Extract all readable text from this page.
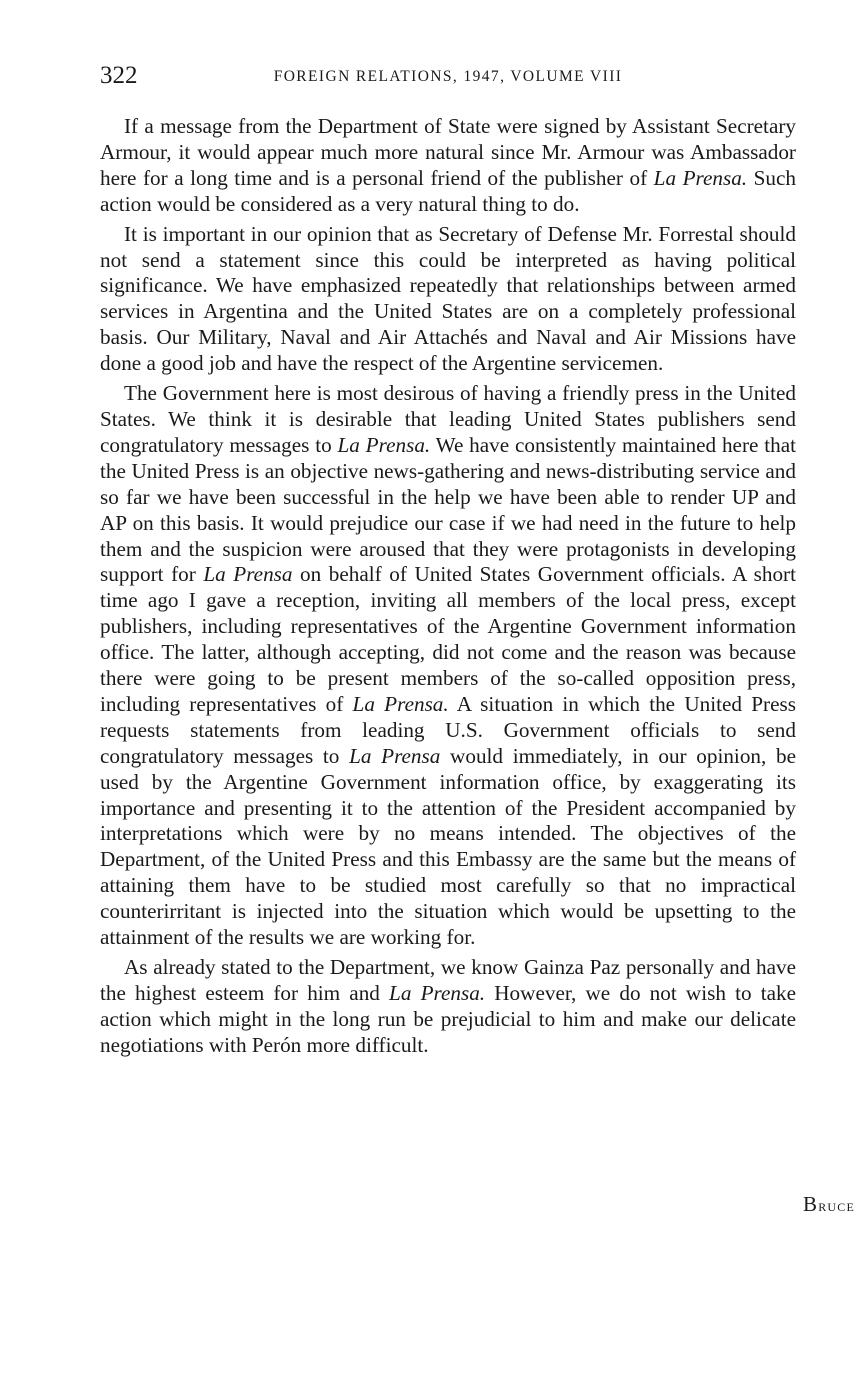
322	FOREIGN RELATIONS, 1947, VOLUME VIII

If a message from the Department of State were signed by Assistant Secretary Armour, it would appear much more natural since Mr. Armour was Ambassador here for a long time and is a personal friend of the publisher of La Prensa. Such action would be considered as a very natural thing to do.

It is important in our opinion that as Secretary of Defense Mr. Forrestal should not send a statement since this could be interpreted as having political significance. We have emphasized repeatedly that relationships between armed services in Argentina and the United States are on a completely professional basis. Our Military, Naval and Air Attachés and Naval and Air Missions have done a good job and have the respect of the Argentine servicemen.

The Government here is most desirous of having a friendly press in the United States. We think it is desirable that leading United States publishers send congratulatory messages to La Prensa. We have consistently maintained here that the United Press is an objective news-gathering and news-distributing service and so far we have been successful in the help we have been able to render UP and AP on this basis. It would prejudice our case if we had need in the future to help them and the suspicion were aroused that they were protagonists in developing support for La Prensa on behalf of United States Government officials. A short time ago I gave a reception, inviting all members of the local press, except publishers, including representatives of the Argentine Government information office. The latter, although accepting, did not come and the reason was because there were going to be present members of the so-called opposition press, including representatives of La Prensa. A situation in which the United Press requests statements from leading U.S. Government officials to send congratulatory messages to La Prensa would immediately, in our opinion, be used by the Argentine Government information office, by exaggerating its importance and presenting it to the attention of the President accompanied by interpretations which were by no means intended. The objectives of the Department, of the United Press and this Embassy are the same but the means of attaining them have to be studied most carefully so that no impractical counterirritant is injected into the situation which would be upsetting to the attainment of the results we are working for.

As already stated to the Department, we know Gainza Paz personally and have the highest esteem for him and La Prensa. However, we do not wish to take action which might in the long run be prejudicial to him and make our delicate negotiations with Perón more difficult.

Bruce
